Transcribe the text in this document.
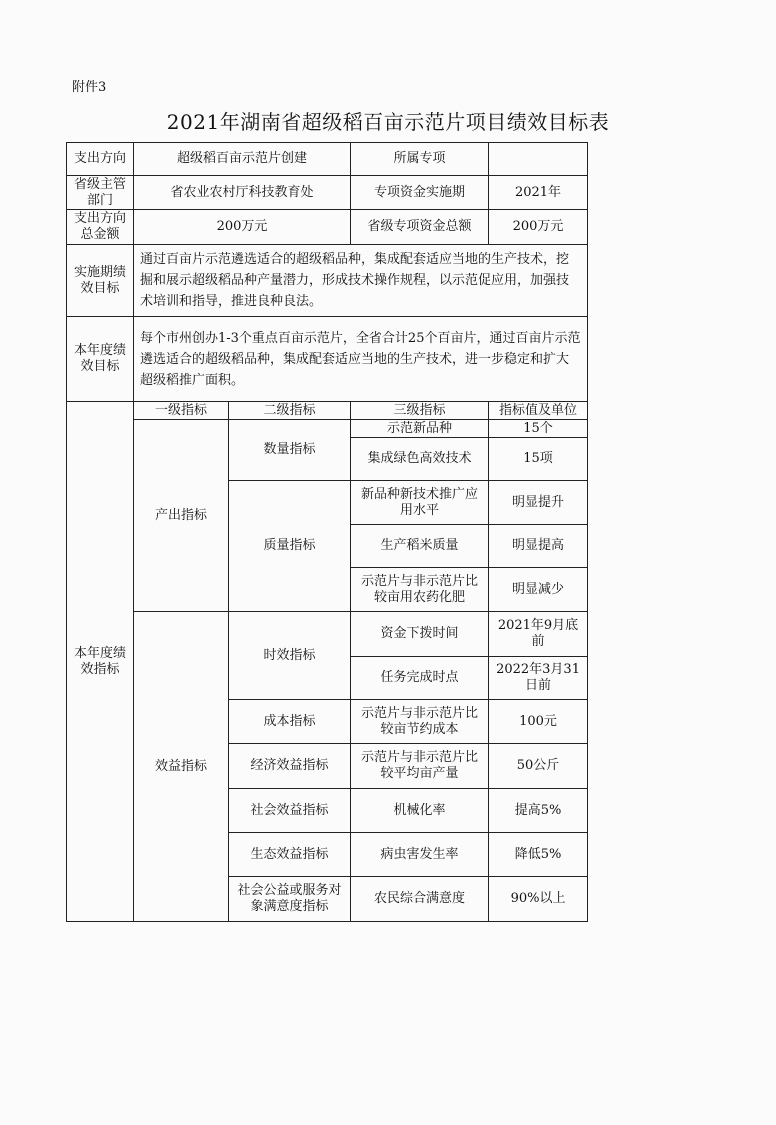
附件3
2021年湖南省超级稻百亩示范片项目绩效目标表
支出方向	超级稻百亩示范片创建		所属专项	
省级主管部门	省农业农村厅科技教育处		专项资金实施期	2021年
支出方向总金额	200万元		省级专项资金总额	200万元
实施期绩效目标	通过百亩片示范遴选适合的超级稻品种，集成配套适应当地的生产技术，挖掘和展示超级稻品种产量潜力，形成技术操作规程，以示范促应用，加强技术培训和指导，推进良种良法。			
本年度绩效目标	每个市州创办1-3个重点百亩示范片，全省合计25个百亩片，通过百亩片示范遴选适合的超级稻品种，集成配套适应当地的生产技术，进一步稳定和扩大超级稻推广面积。			
本年度绩效指标	一级指标	二级指标	三级指标	指标值及单位
	产出指标	数量指标	示范新品种	15个
			集成绿色高效技术	15项
		质量指标	新品种新技术推广应用水平	明显提升
			生产稻米质量	明显提高
			示范片与非示范片比较亩用农药化肥	明显减少
	效益指标	时效指标	资金下拨时间	2021年9月底前
			任务完成时点	2022年3月31日前
		成本指标	示范片与非示范片比较亩节约成本	100元
		经济效益指标	示范片与非示范片比较平均亩产量	50公斤
		社会效益指标	机械化率	提高5%
		生态效益指标	病虫害发生率	降低5%
		社会公益或服务对象满意度指标	农民综合满意度	90%以上
